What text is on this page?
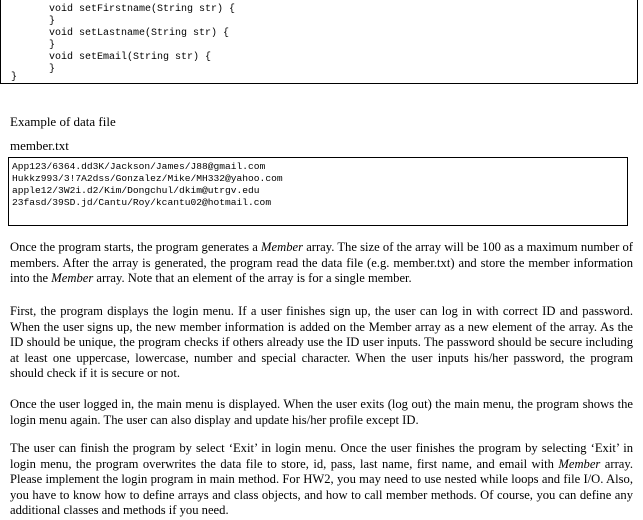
void setFirstname(String str) {
}
void setLastname(String str) {
}
void setEmail(String str) {
}
}

Example of data file

member.txt

App123/6364.dd3K/Jackson/James/J88@gmail.com
Hukkz993/3!7A2dss/Gonzalez/Mike/MH332@yahoo.com
apple12/3W2i.d2/Kim/Dongchul/dkim@utrgv.edu
23fasd/39SD.jd/Cantu/Roy/kcantu02@hotmail.com

Once the program starts, the program generates a Member array. The size of the array will be 100 as a maximum number of members. After the array is generated, the program read the data file (e.g. member.txt) and store the member information into the Member array. Note that an element of the array is for a single member.

First, the program displays the login menu. If a user finishes sign up, the user can log in with correct ID and password. When the user signs up, the new member information is added on the Member array as a new element of the array. As the ID should be unique, the program checks if others already use the ID user inputs. The password should be secure including at least one uppercase, lowercase, number and special character. When the user inputs his/her password, the program should check if it is secure or not.

Once the user logged in, the main menu is displayed. When the user exits (log out) the main menu, the program shows the login menu again. The user can also display and update his/her profile except ID.

The user can finish the program by select ‘Exit’ in login menu. Once the user finishes the program by selecting ‘Exit’ in login menu, the program overwrites the data file to store, id, pass, last name, first name, and email with Member array. Please implement the login program in main method. For HW2, you may need to use nested while loops and file I/O. Also, you have to know how to define arrays and class objects, and how to call member methods. Of course, you can define any additional classes and methods if you need.
